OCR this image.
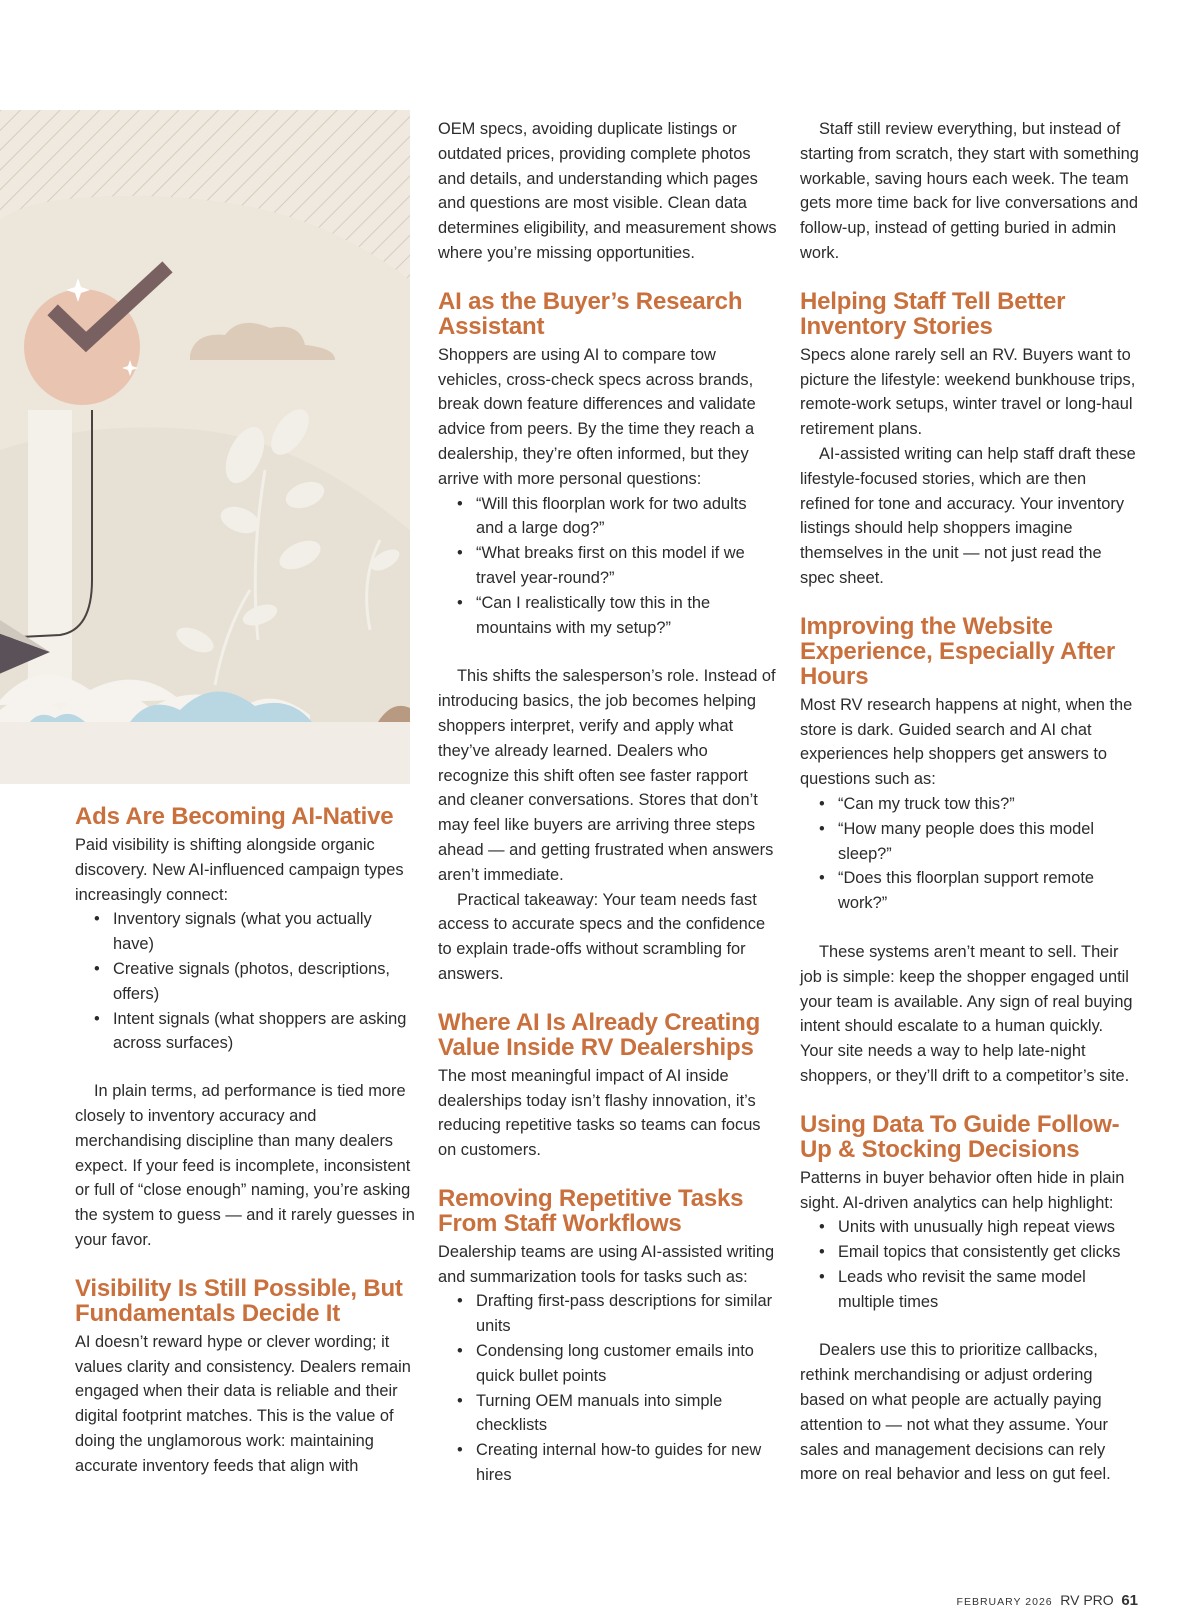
Ads Are Becoming AI-Native

Paid visibility is shifting alongside organic discovery. New AI-influenced campaign types increasingly connect:

• Inventory signals (what you actually have)
• Creative signals (photos, descriptions, offers)
• Intent signals (what shoppers are asking across surfaces)

In plain terms, ad performance is tied more closely to inventory accuracy and merchandising discipline than many dealers expect. If your feed is incomplete, inconsistent or full of “close enough” naming, you’re asking the system to guess — and it rarely guesses in your favor.

Visibility Is Still Possible, But Fundamentals Decide It

AI doesn’t reward hype or clever wording; it values clarity and consistency. Dealers remain engaged when their data is reliable and their digital footprint matches. This is the value of doing the unglamorous work: maintaining accurate inventory feeds that align with

OEM specs, avoiding duplicate listings or outdated prices, providing complete photos and details, and understanding which pages and questions are most visible. Clean data determines eligibility, and measurement shows where you’re missing opportunities.

AI as the Buyer’s Research Assistant

Shoppers are using AI to compare tow vehicles, cross-check specs across brands, break down feature differences and validate advice from peers. By the time they reach a dealership, they’re often informed, but they arrive with more personal questions:

• “Will this floorplan work for two adults and a large dog?”
• “What breaks first on this model if we travel year-round?”
• “Can I realistically tow this in the mountains with my setup?”

This shifts the salesperson’s role. Instead of introducing basics, the job becomes helping shoppers interpret, verify and apply what they’ve already learned. Dealers who recognize this shift often see faster rapport and cleaner conversations. Stores that don’t may feel like buyers are arriving three steps ahead — and getting frustrated when answers aren’t immediate.

Practical takeaway: Your team needs fast access to accurate specs and the confidence to explain trade-offs without scrambling for answers.

Where AI Is Already Creating Value Inside RV Dealerships

The most meaningful impact of AI inside dealerships today isn’t flashy innovation, it’s reducing repetitive tasks so teams can focus on customers.

Removing Repetitive Tasks From Staff Workflows

Dealership teams are using AI-assisted writing and summarization tools for tasks such as:

• Drafting first-pass descriptions for similar units
• Condensing long customer emails into quick bullet points
• Turning OEM manuals into simple checklists
• Creating internal how-to guides for new hires

Staff still review everything, but instead of starting from scratch, they start with something workable, saving hours each week. The team gets more time back for live conversations and follow-up, instead of getting buried in admin work.

Helping Staff Tell Better Inventory Stories

Specs alone rarely sell an RV. Buyers want to picture the lifestyle: weekend bunkhouse trips, remote-work setups, winter travel or long-haul retirement plans.

AI-assisted writing can help staff draft these lifestyle-focused stories, which are then refined for tone and accuracy. Your inventory listings should help shoppers imagine themselves in the unit — not just read the spec sheet.

Improving the Website Experience, Especially After Hours

Most RV research happens at night, when the store is dark. Guided search and AI chat experiences help shoppers get answers to questions such as:

• “Can my truck tow this?”
• “How many people does this model sleep?”
• “Does this floorplan support remote work?”

These systems aren’t meant to sell. Their job is simple: keep the shopper engaged until your team is available. Any sign of real buying intent should escalate to a human quickly. Your site needs a way to help late-night shoppers, or they’ll drift to a competitor’s site.

Using Data To Guide Follow-Up & Stocking Decisions

Patterns in buyer behavior often hide in plain sight. AI-driven analytics can help highlight:

• Units with unusually high repeat views
• Email topics that consistently get clicks
• Leads who revisit the same model multiple times

Dealers use this to prioritize callbacks, rethink merchandising or adjust ordering based on what people are actually paying attention to — not what they assume. Your sales and management decisions can rely more on real behavior and less on gut feel.

FEBRUARY 2026 RV PRO 61
